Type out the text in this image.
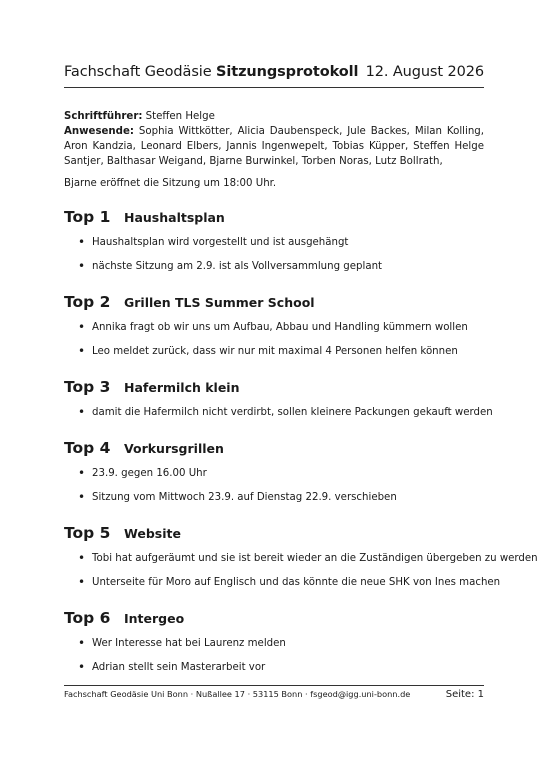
Fachschaft Geodäsie Sitzungsprotokoll 12. August 2026
Schriftführer: Steffen Helge
Anwesende: Sophia Wittkötter, Alicia Daubenspeck, Jule Backes, Milan Kolling, Aron Kandzia, Leonard Elbers, Jannis Ingenwepelt, Tobias Küpper, Steffen Helge Santjer, Balthasar Weigand, Bjarne Burwinkel, Torben Noras, Lutz Bollrath,
Bjarne eröffnet die Sitzung um 18:00 Uhr.
Top 1	Haushaltsplan
• Haushaltsplan wird vorgestellt und ist ausgehängt
• nächste Sitzung am 2.9. ist als Vollversammlung geplant
Top 2	Grillen TLS Summer School
• Annika fragt ob wir uns um Aufbau, Abbau und Handling kümmern wollen
• Leo meldet zurück, dass wir nur mit maximal 4 Personen helfen können
Top 3	Hafermilch klein
• damit die Hafermilch nicht verdirbt, sollen kleinere Packungen gekauft werden
Top 4	Vorkursgrillen
• 23.9. gegen 16.00 Uhr
• Sitzung vom Mittwoch 23.9. auf Dienstag 22.9. verschieben
Top 5	Website
• Tobi hat aufgeräumt und sie ist bereit wieder an die Zuständigen übergeben zu werden
• Unterseite für Moro auf Englisch und das könnte die neue SHK von Ines machen
Top 6	Intergeo
• Wer Interesse hat bei Laurenz melden
• Adrian stellt sein Masterarbeit vor
Fachschaft Geodäsie Uni Bonn · Nußallee 17 · 53115 Bonn · fsgeod@igg.uni-bonn.de	Seite: 1
